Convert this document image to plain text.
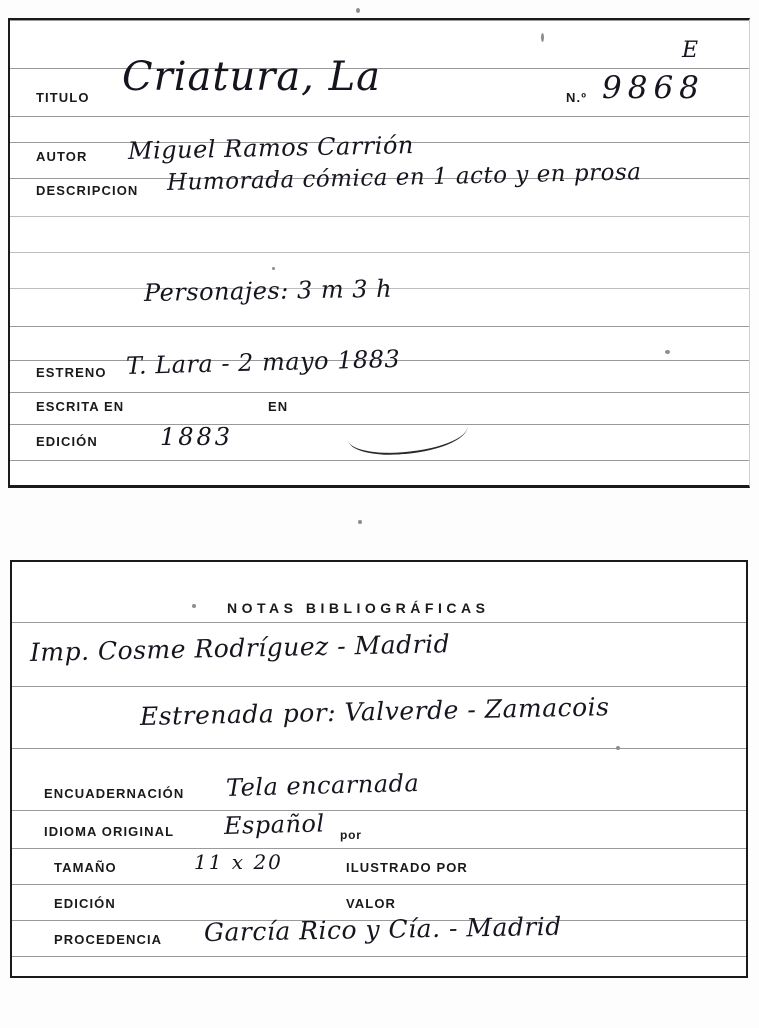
TITULO Criatura, La	N.º 9868
E
AUTOR Miguel Ramos Carrión
DESCRIPCION Humorada cómica en 1 acto y en prosa
Personajes: 3 m 3 h
ESTRENO T. Lara - 2 mayo 1883
ESCRITA EN	EN
EDICIÓN	1883
NOTAS BIBLIOGRÁFICAS
Imp. Cosme Rodríguez - Madrid
Estrenada por: Valverde - Zamacois
ENCUADERNACIÓN Tela encarnada
IDIOMA ORIGINAL Español por
TAMAÑO	11 x 20	ILUSTRADO POR
EDICIÓN	VALOR
PROCEDENCIA García Rico y Cía. - Madrid
